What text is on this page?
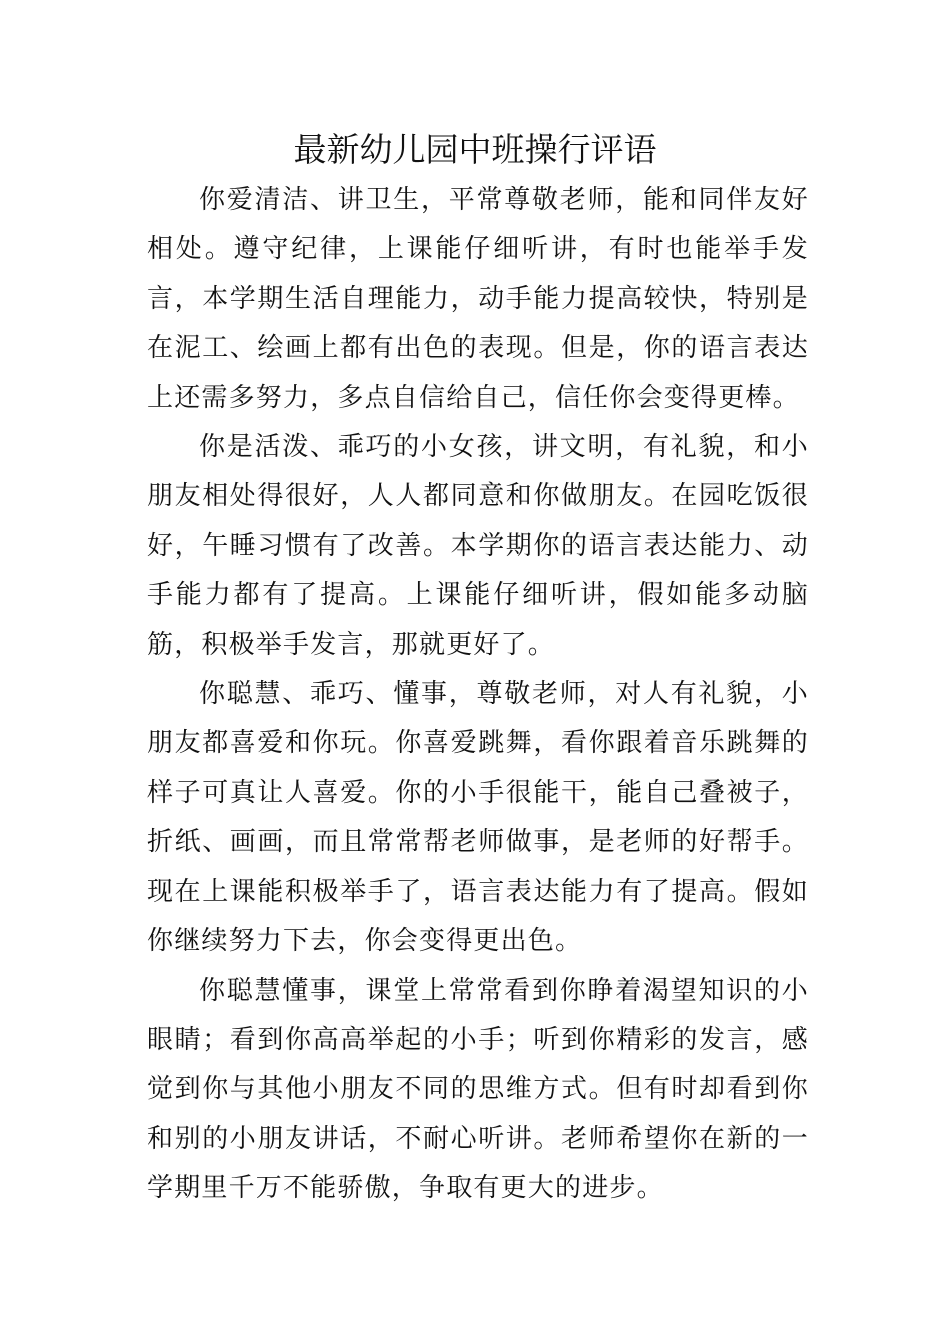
最新幼儿园中班操行评语

你爱清洁、讲卫生，平常尊敬老师，能和同伴友好相处。遵守纪律，上课能仔细听讲，有时也能举手发言，本学期生活自理能力，动手能力提高较快，特别是在泥工、绘画上都有出色的表现。但是，你的语言表达上还需多努力，多点自信给自己，信任你会变得更棒。

你是活泼、乖巧的小女孩，讲文明，有礼貌，和小朋友相处得很好，人人都同意和你做朋友。在园吃饭很好，午睡习惯有了改善。本学期你的语言表达能力、动手能力都有了提高。上课能仔细听讲，假如能多动脑筋，积极举手发言，那就更好了。

你聪慧、乖巧、懂事，尊敬老师，对人有礼貌，小朋友都喜爱和你玩。你喜爱跳舞，看你跟着音乐跳舞的样子可真让人喜爱。你的小手很能干，能自己叠被子，折纸、画画，而且常常帮老师做事，是老师的好帮手。现在上课能积极举手了，语言表达能力有了提高。假如你继续努力下去，你会变得更出色。

你聪慧懂事，课堂上常常看到你睁着渴望知识的小眼睛；看到你高高举起的小手；听到你精彩的发言，感觉到你与其他小朋友不同的思维方式。但有时却看到你和别的小朋友讲话，不耐心听讲。老师希望你在新的一学期里千万不能骄傲，争取有更大的进步。
